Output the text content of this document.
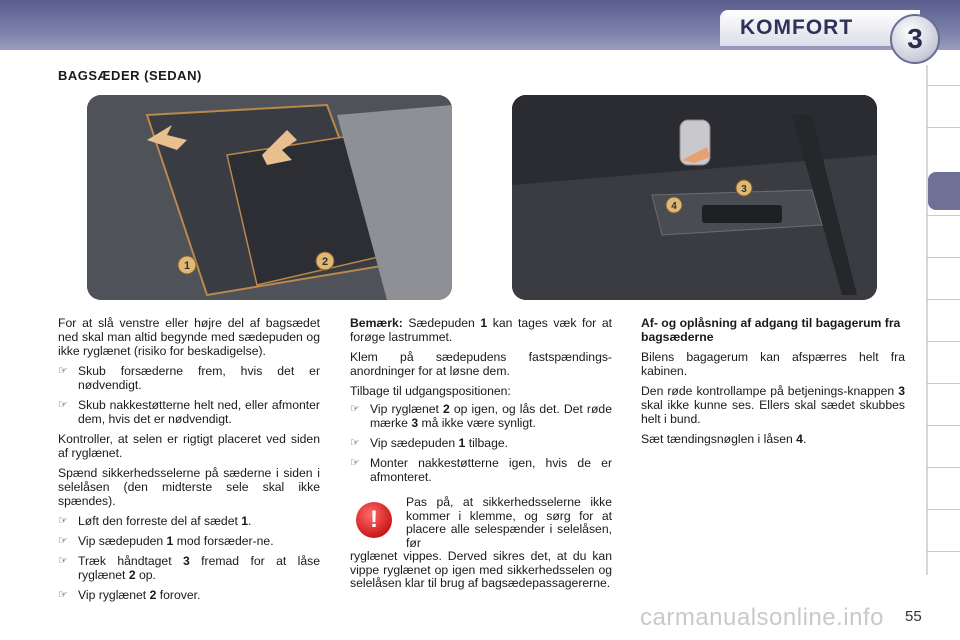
KOMFORT	3
BAGSÆDER (SEDAN)
1	2
3
4

For at slå venstre eller højre del af bagsædet ned skal man altid begynde med sædepuden og ikke ryglænet (risiko for beskadigelse).

☞ Skub forsæderne frem, hvis det er nødvendigt.
☞ Skub nakkestøtterne helt ned, eller afmonter dem, hvis det er nødvendigt.

Kontroller, at selen er rigtigt placeret ved siden af ryglænet.

Spænd sikkerhedsselerne på sæderne i siden i selelåsen (den midterste sele skal ikke spændes).

☞ Løft den forreste del af sædet 1.
☞ Vip sædepuden 1 mod forsæder-ne.
☞ Træk håndtaget 3 fremad for at låse ryglænet 2 op.
☞ Vip ryglænet 2 forover.

Bemærk: Sædepuden 1 kan tages væk for at forøge lastrummet.

Klem på sædepudens fastspændings-anordninger for at løsne dem.

Tilbage til udgangspositionen:

☞ Vip ryglænet 2 op igen, og lås det. Det røde mærke 3 må ikke være synligt.
☞ Vip sædepuden 1 tilbage.
☞ Monter nakkestøtterne igen, hvis de er afmonteret.
!
Pas på, at sikkerhedsselerne ikke kommer i klemme, og sørg for at placere alle selespænder i selelåsen, før
ryglænet vippes. Derved sikres det, at du kan vippe ryglænet op igen med sikkerhedsselen og selelåsen klar til brug af bagsædepassagererne.

Af- og oplåsning af adgang til bagagerum fra bagsæderne

Bilens bagagerum kan afspærres helt fra kabinen.

Den røde kontrollampe på betjenings-knappen 3 skal ikke kunne ses. Ellers skal sædet skubbes helt i bund.

Sæt tændingsnøglen i låsen 4.

carmanualsonline.info 55
